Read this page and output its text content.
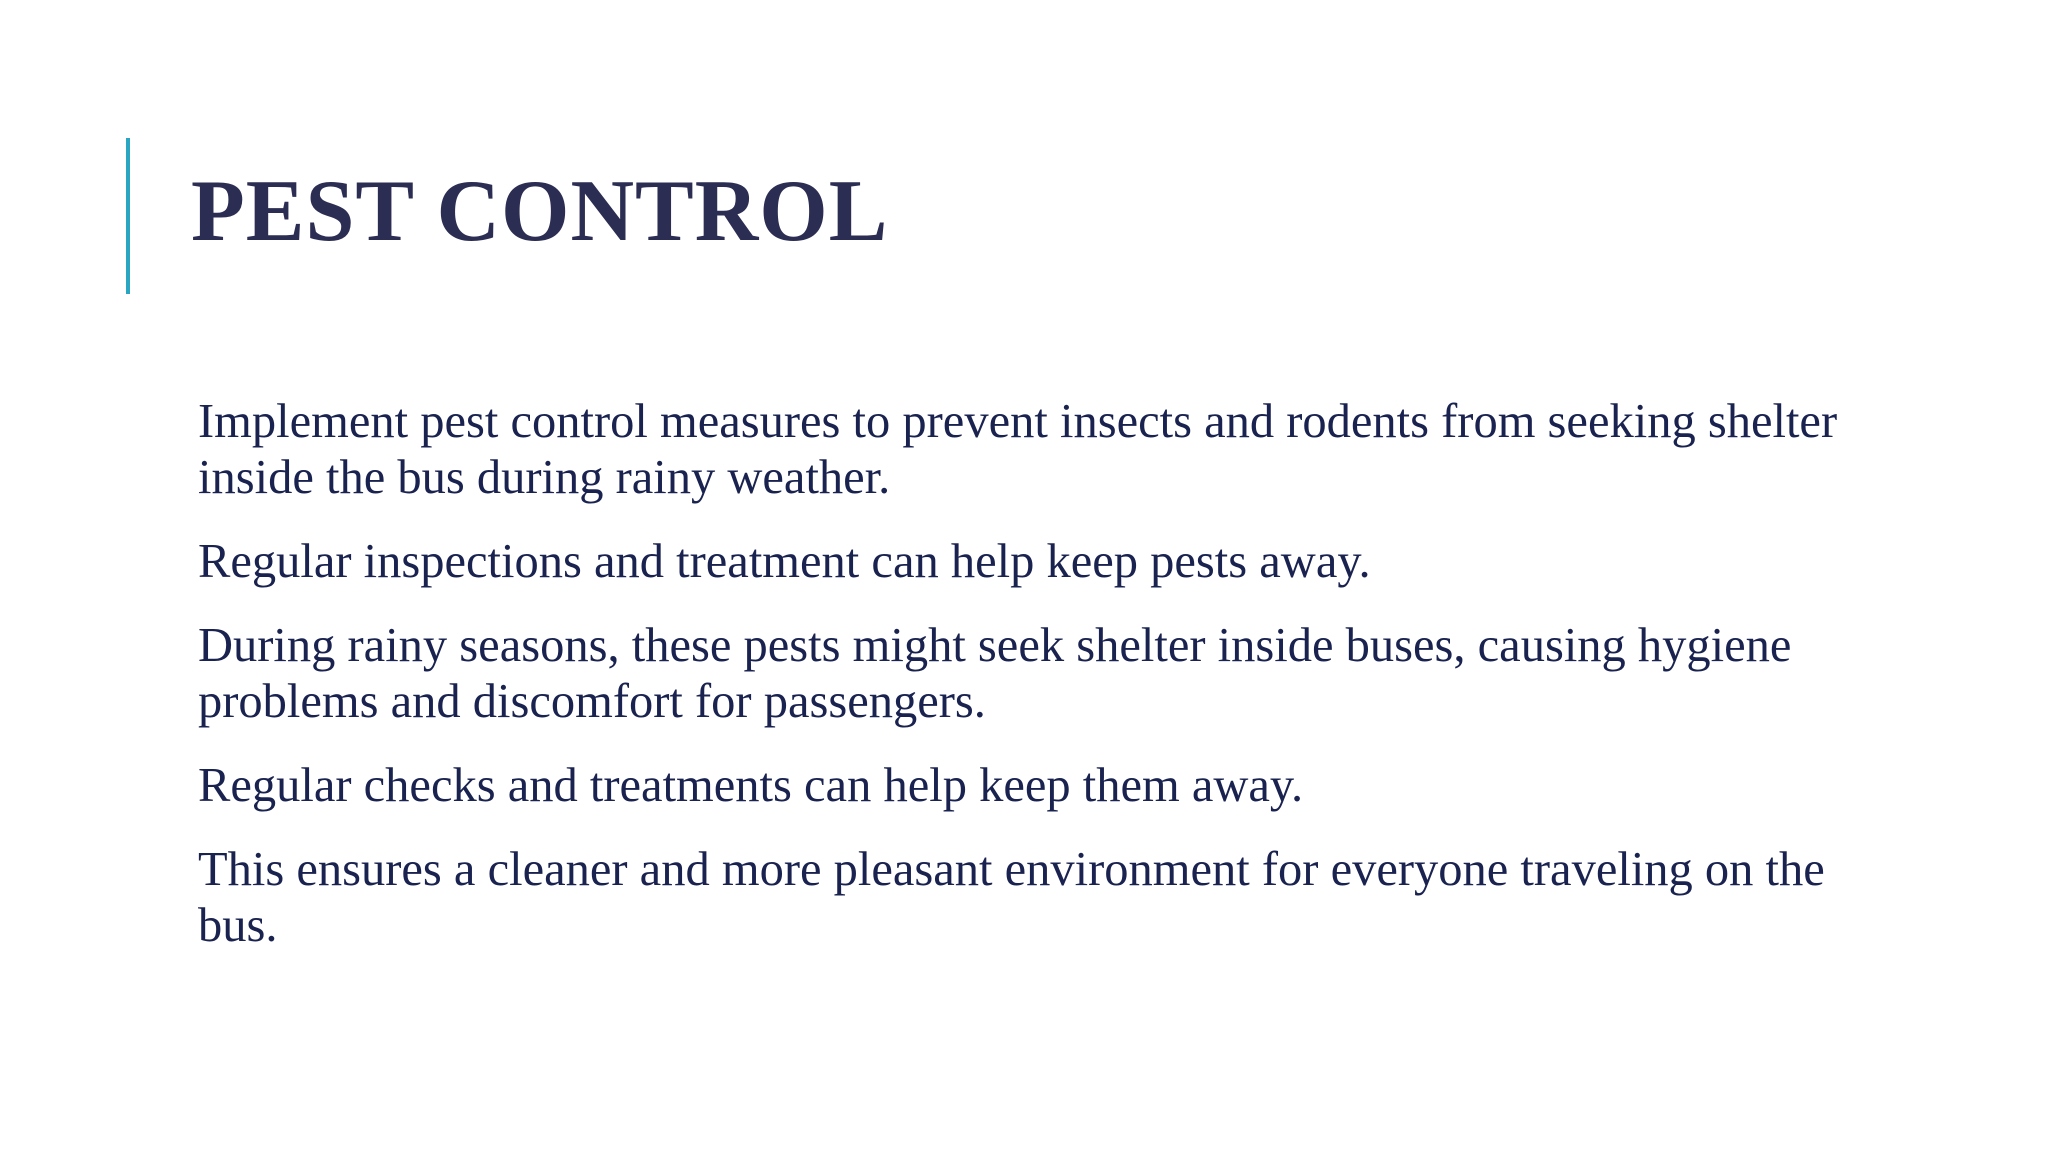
PEST CONTROL

Implement pest control measures to prevent insects and rodents from seeking shelter inside the bus during rainy weather.

Regular inspections and treatment can help keep pests away.

During rainy seasons, these pests might seek shelter inside buses, causing hygiene problems and discomfort for passengers.

Regular checks and treatments can help keep them away.

This ensures a cleaner and more pleasant environment for everyone traveling on the bus.
